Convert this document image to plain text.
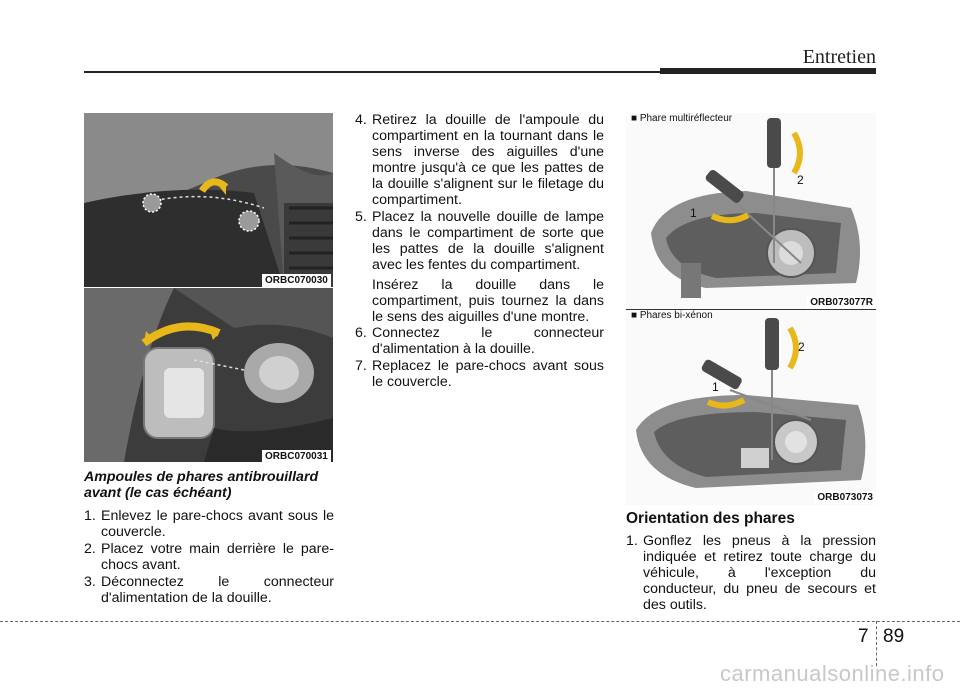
Entretien
ORBC070030
ORBC070031
Ampoules de phares antibrouillard
avant (le cas échéant)
1. Enlevez le pare-chocs avant sous le couvercle.
2. Placez votre main derrière le pare-chocs avant.
3. Déconnectez le connecteur d'alimentation de la douille.
4. Retirez la douille de l'ampoule du compartiment en la tournant dans le sens inverse des aiguilles d'une montre jusqu'à ce que les pattes de la douille s'alignent sur le filetage du compartiment.
5. Placez la nouvelle douille de lampe dans le compartiment de sorte que les pattes de la douille s'alignent avec les fentes du compartiment.
Insérez la douille dans le compartiment, puis tournez la dans le sens des aiguilles d'une montre.
6. Connectez le connecteur d'alimentation à la douille.
7. Replacez le pare-chocs avant sous le couvercle.
■ Phare multiréflecteur
2
1
ORB073077R
■ Phares bi-xénon
2
1
ORB073073
Orientation des phares
1. Gonflez les pneus à la pression indiquée et retirez toute charge du véhicule, à l'exception du conducteur, du pneu de secours et des outils.
7 89
carmanualsonline.info
